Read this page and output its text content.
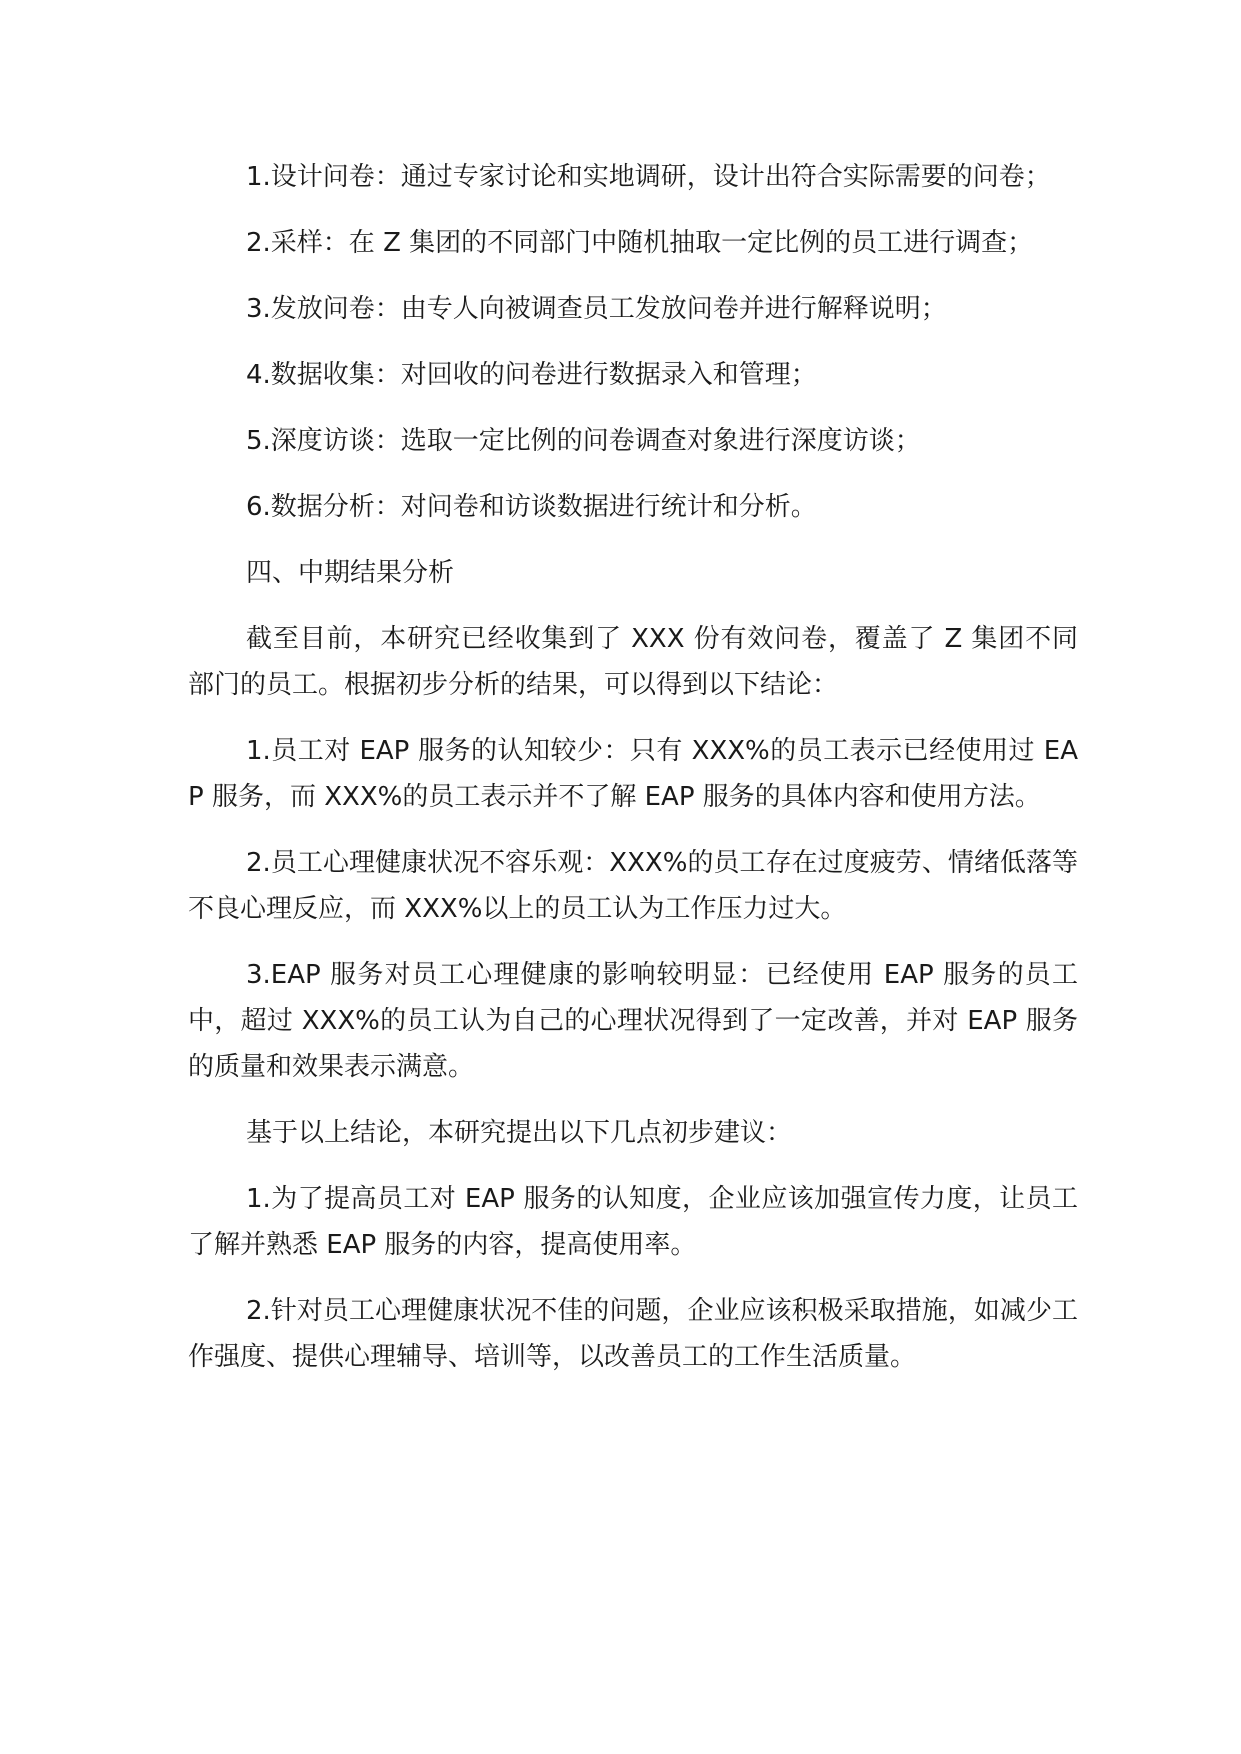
1.设计问卷：通过专家讨论和实地调研，设计出符合实际需要的问卷；

2.采样：在 Z 集团的不同部门中随机抽取一定比例的员工进行调查；

3.发放问卷：由专人向被调查员工发放问卷并进行解释说明；

4.数据收集：对回收的问卷进行数据录入和管理；

5.深度访谈：选取一定比例的问卷调查对象进行深度访谈；

6.数据分析：对问卷和访谈数据进行统计和分析。

四、中期结果分析

截至目前，本研究已经收集到了 XXX 份有效问卷，覆盖了 Z 集团不同部门的员工。根据初步分析的结果，可以得到以下结论：

1.员工对 EAP 服务的认知较少：只有 XXX%的员工表示已经使用过 EAP 服务，而 XXX%的员工表示并不了解 EAP 服务的具体内容和使用方法。

2.员工心理健康状况不容乐观：XXX%的员工存在过度疲劳、情绪低落等不良心理反应，而 XXX%以上的员工认为工作压力过大。

3.EAP 服务对员工心理健康的影响较明显：已经使用 EAP 服务的员工中，超过 XXX%的员工认为自己的心理状况得到了一定改善，并对 EAP 服务的质量和效果表示满意。

基于以上结论，本研究提出以下几点初步建议：

1.为了提高员工对 EAP 服务的认知度，企业应该加强宣传力度，让员工了解并熟悉 EAP 服务的内容，提高使用率。

2.针对员工心理健康状况不佳的问题，企业应该积极采取措施，如减少工作强度、提供心理辅导、培训等，以改善员工的工作生活质量。
